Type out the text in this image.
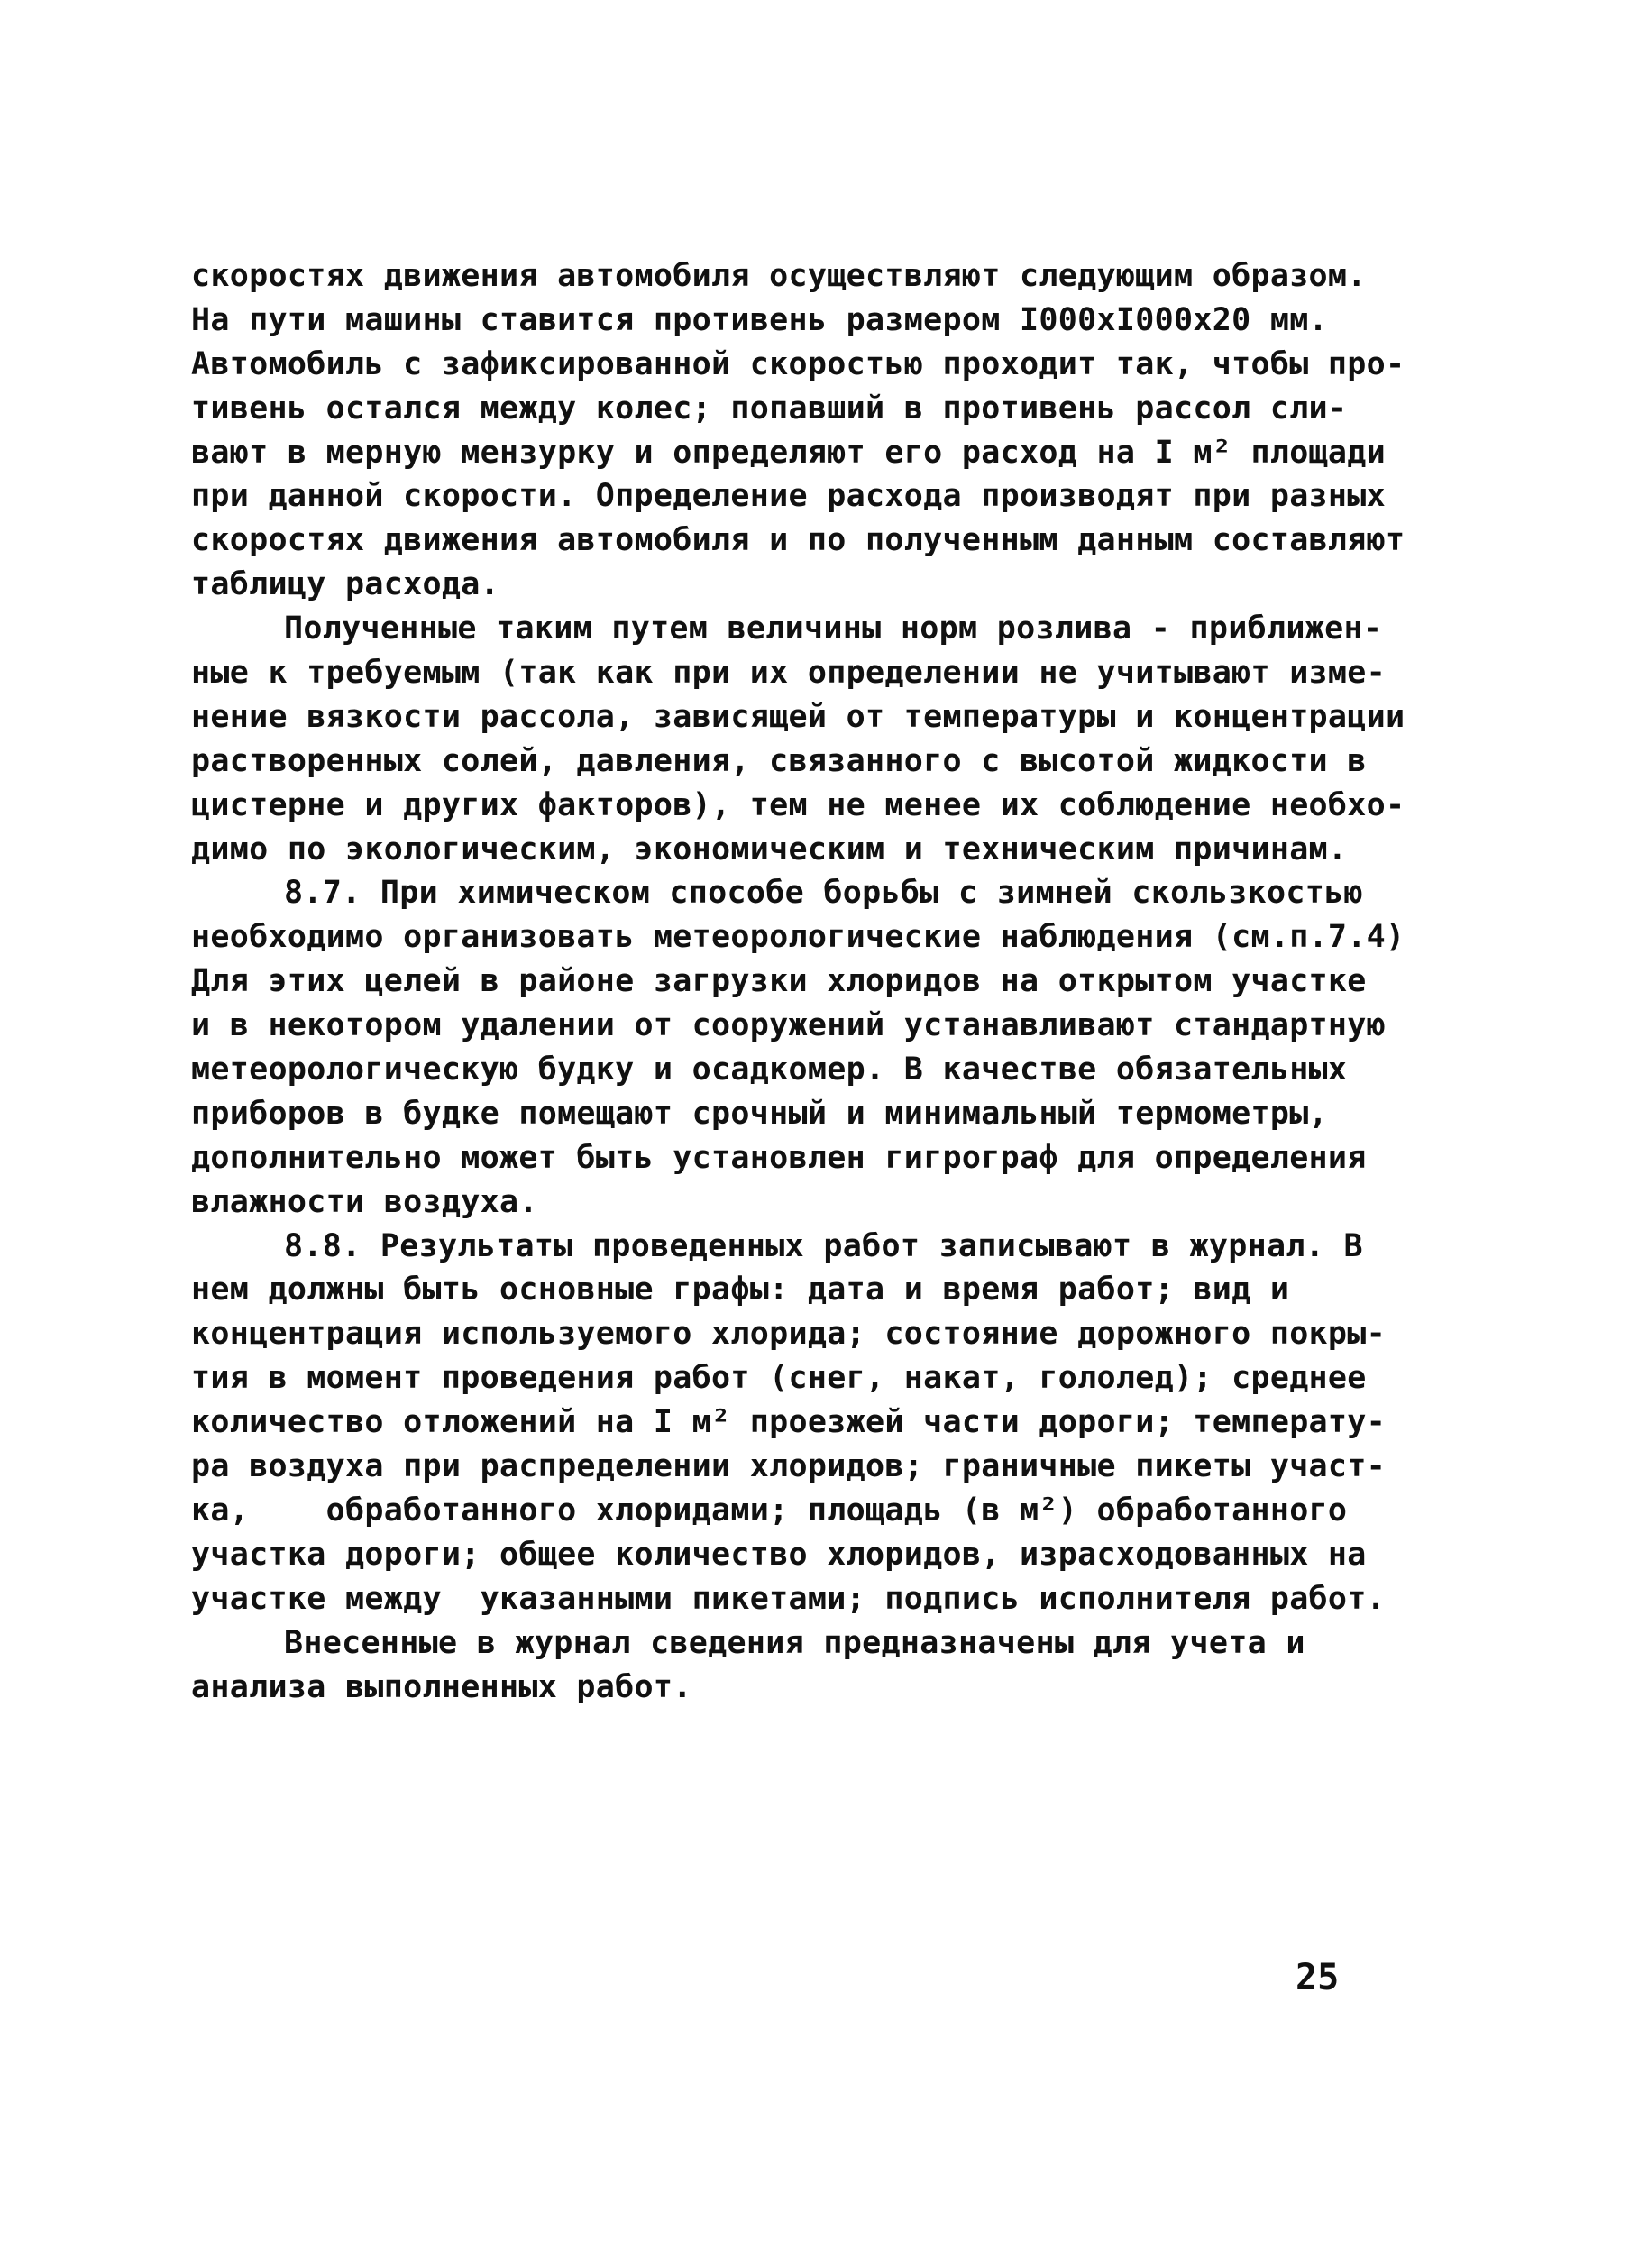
скоростях движения автомобиля осуществляют следующим образом.
На пути машины ставится противень размером I000хI000х20 мм.
Автомобиль с зафиксированной скоростью проходит так, чтобы про-
тивень остался между колес; попавший в противень рассол сли-
вают в мерную мензурку и определяют его расход на I м² площади
при данной скорости. Определение расхода производят при разных
скоростях движения автомобиля и по полученным данным составляют
таблицу расхода.
Полученные таким путем величины норм розлива - приближен-
ные к требуемым (так как при их определении не учитывают изме-
нение вязкости рассола, зависящей от температуры и концентрации
растворенных солей, давления, связанного с высотой жидкости в
цистерне и других факторов), тем не менее их соблюдение необхо-
димо по экологическим, экономическим и техническим причинам.
8.7. При химическом способе борьбы с зимней скользкостью
необходимо организовать метеорологические наблюдения (см.п.7.4)
Для этих целей в районе загрузки хлоридов на открытом участке
и в некотором удалении от сооружений устанавливают стандартную
метеорологическую будку и осадкомер. В качестве обязательных
приборов в будке помещают срочный и минимальный термометры,
дополнительно может быть установлен гигрограф для определения
влажности воздуха.
8.8. Результаты проведенных работ записывают в журнал. В
нем должны быть основные графы: дата и время работ; вид и
концентрация используемого хлорида; состояние дорожного покры-
тия в момент проведения работ (снег, накат, гололед); среднее
количество отложений на I м² проезжей части дороги; температу-
ра воздуха при распределении хлоридов; граничные пикеты участ-
ка,    обработанного хлоридами; площадь (в м²) обработанного
участка дороги; общее количество хлоридов, израсходованных на
участке между  указанными пикетами; подпись исполнителя работ.
Внесенные в журнал сведения предназначены для учета и
анализа выполненных работ.
25
